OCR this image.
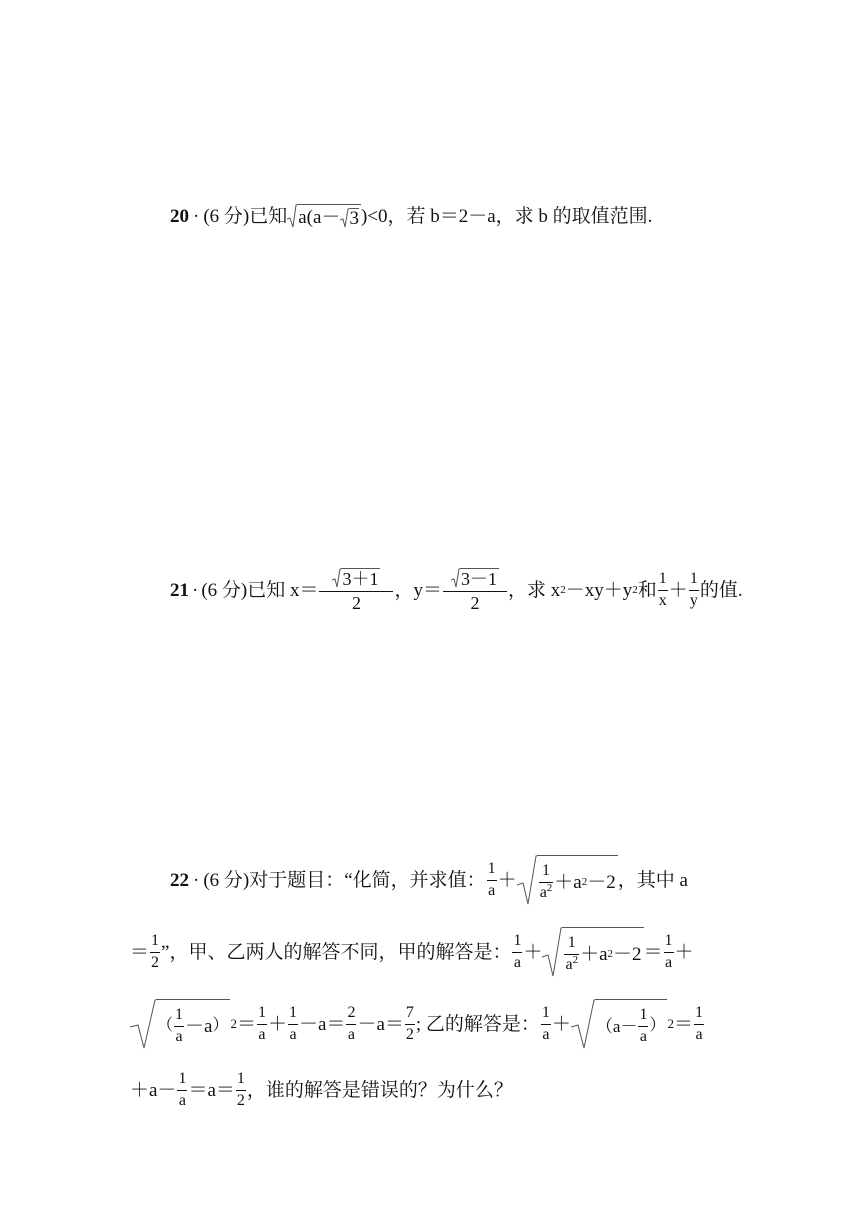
20 · (6 分)已知 a(a－ 3 )<0，若 b＝2－a，求 b 的取值范围.
21 · (6 分)已知 $x= \frac{3 +1}{2}$ ，$y= \frac{3 -1}{2}$ ，求 x 2 －xy＋y 2 和 $\frac{1}{x} + \frac{1}{y}$ 的值.
22 · (6 分)对于题目：“化简，并求值： $\frac{1}{a} + \frac{1}{a^2} +a$ 2 －2 ，其中 a
＝ $\frac{1}{2}$ ”，甲、乙两人的解答不同，甲的解答是： $\frac{1}{a} + \frac{1}{a^2} +a$ $2 -2 = \frac{1}{a}$ ＋
（ $\frac{1}{a} -a$ ） $2 = \frac{1}{a} + \frac{1}{a} -a= \frac{2}{a} -a= \frac{7}{2}$ ; 乙的解答是： $\frac{1}{a} + (a- \frac{1}{a}$ ） $2 = \frac{1}{a}$
$+a- \frac{1}{a} =a= \frac{1}{2}$ ，谁的解答是错误的？为什么？
